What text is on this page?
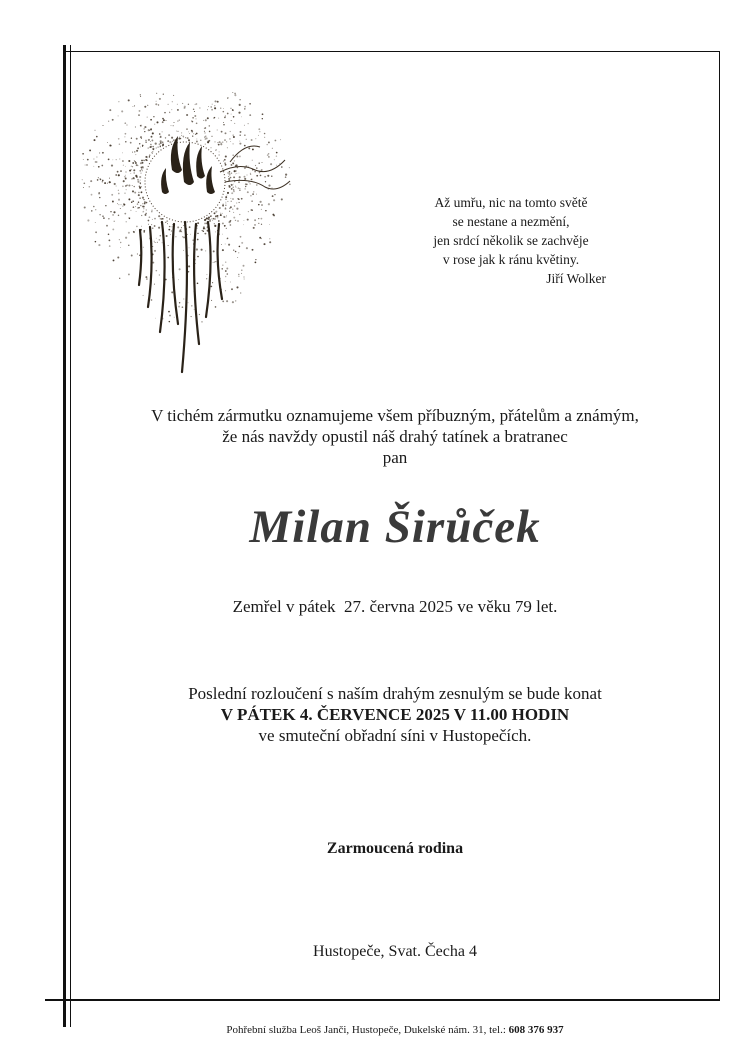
Až umřu, nic na tomto světě
se nestane a nezmění,
jen srdcí několik se zachvěje
v rose jak k ránu květiny.
Jiří Wolker
V tichém zármutku oznamujeme všem příbuzným, přátelům a známým,
že nás navždy opustil náš drahý tatínek a bratranec
pan
Milan Širůček
Zemřel v pátek  27. června 2025 ve věku 79 let.
Poslední rozloučení s naším drahým zesnulým se bude konat
V PÁTEK 4. ČERVENCE 2025 V 11.00 HODIN
ve smuteční obřadní síni v Hustopečích.
Zarmoucená rodina
Hustopeče, Svat. Čecha 4
Pohřební služba Leoš Janči, Hustopeče, Dukelské nám. 31, tel.: 608 376 937
